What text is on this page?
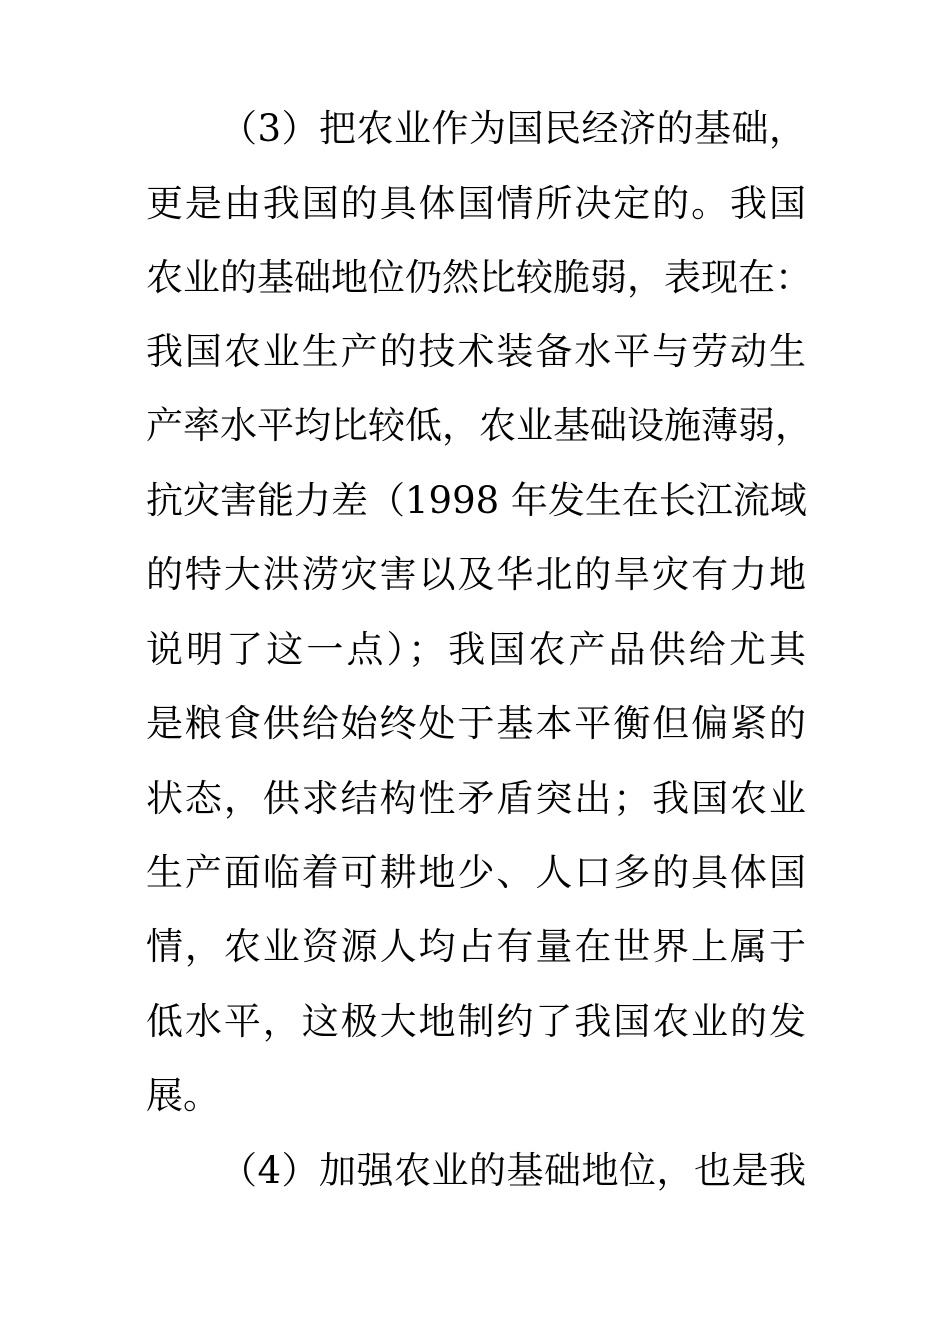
（3）把农业作为国民经济的基础，
更是由我国的具体国情所决定的。我国
农业的基础地位仍然比较脆弱，表现在：
我国农业生产的技术装备水平与劳动生
产率水平均比较低，农业基础设施薄弱，
抗灾害能力差（1998 年发生在长江流域
的特大洪涝灾害以及华北的旱灾有力地
说明了这一点）；我国农产品供给尤其
是粮食供给始终处于基本平衡但偏紧的
状态，供求结构性矛盾突出；我国农业
生产面临着可耕地少、人口多的具体国
情，农业资源人均占有量在世界上属于
低水平，这极大地制约了我国农业的发
展。
（4）加强农业的基础地位，也是我
